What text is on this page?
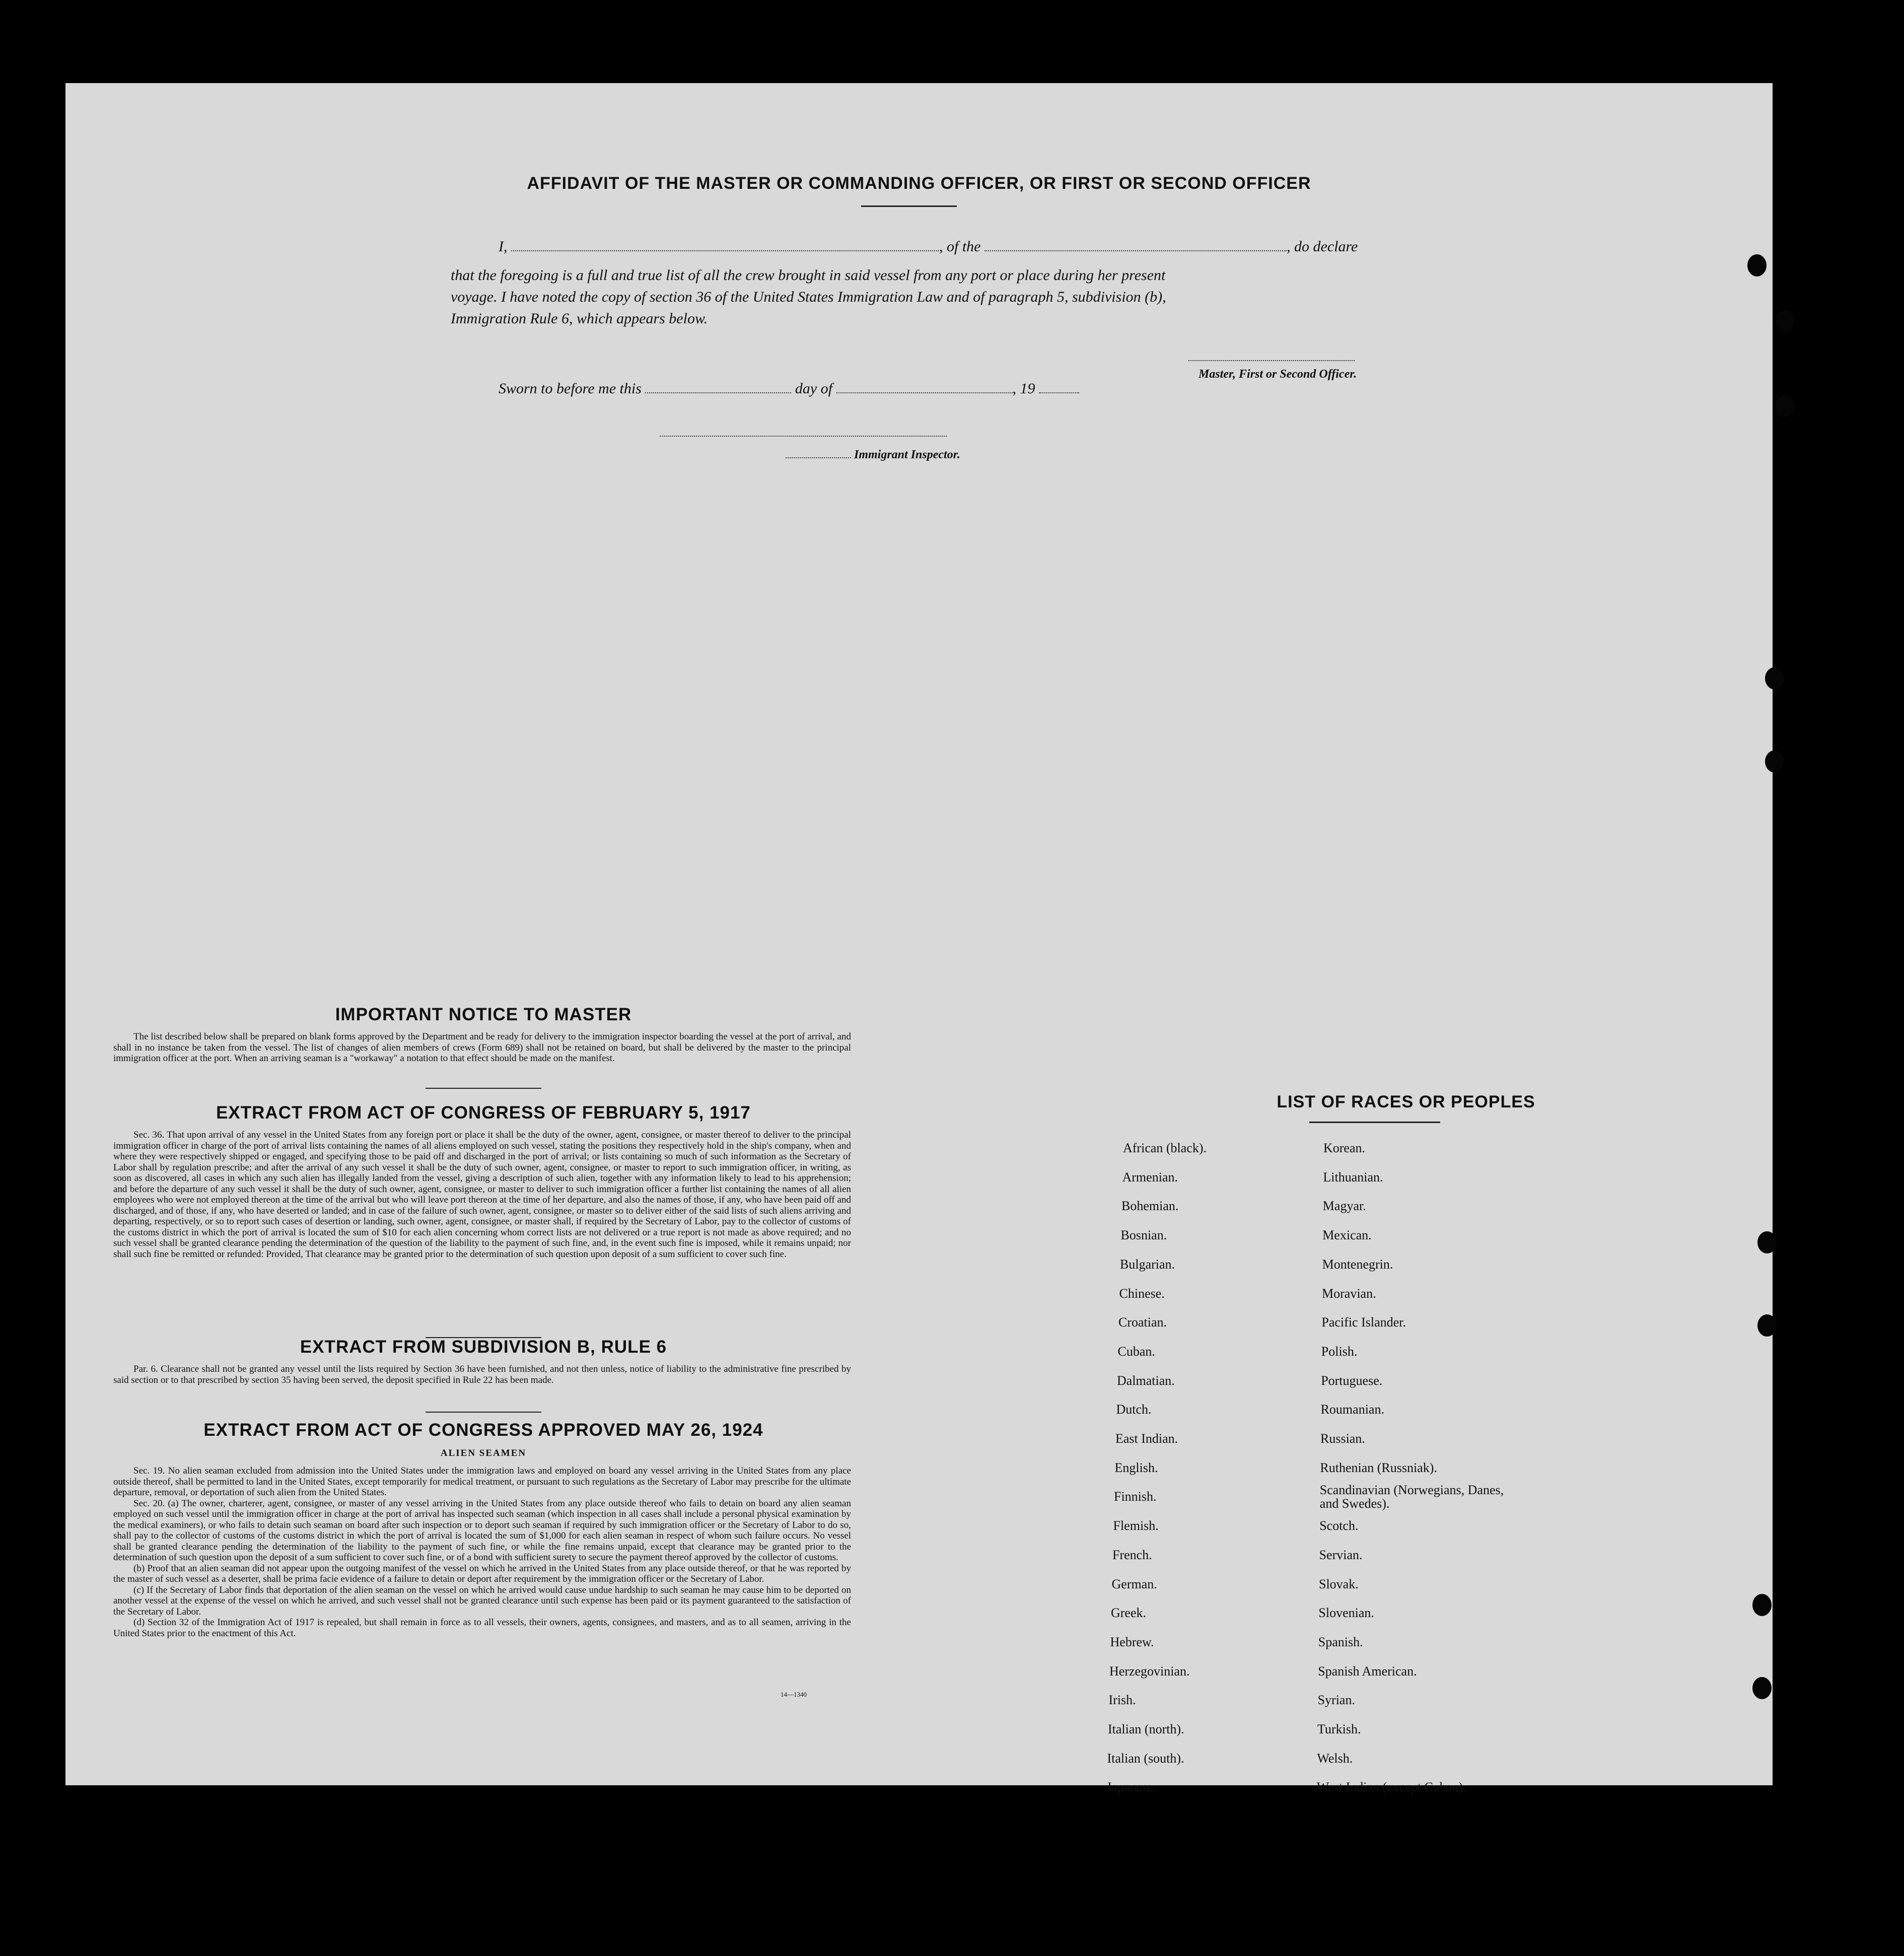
AFFIDAVIT OF THE MASTER OR COMMANDING OFFICER, OR FIRST OR SECOND OFFICER
I,	, of the	, do declare
that the foregoing is a full and true list of all the crew brought in said vessel from any port or place during her present
voyage. I have noted the copy of section 36 of the United States Immigration Law and of paragraph 5, subdivision (b),
Immigration Rule 6, which appears below.
Master, First or Second Officer.
Sworn to before me this	day of	, 19
Immigrant Inspector.
IMPORTANT NOTICE TO MASTER

The list described below shall be prepared on blank forms approved by the Department and be ready for delivery to the immigration inspector boarding the vessel at the port of arrival, and shall in no instance be taken from the vessel. The list of changes of alien members of crews (Form 689) shall not be retained on board, but shall be delivered by the master to the principal immigration officer at the port. When an arriving seaman is a "workaway" a notation to that effect should be made on the manifest.

EXTRACT FROM ACT OF CONGRESS OF FEBRUARY 5, 1917

Sec. 36. That upon arrival of any vessel in the United States from any foreign port or place it shall be the duty of the owner, agent, consignee, or master thereof to deliver to the principal immigration officer in charge of the port of arrival lists containing the names of all aliens employed on such vessel, stating the positions they respectively hold in the ship's company, when and where they were respectively shipped or engaged, and specifying those to be paid off and discharged in the port of arrival; or lists containing so much of such information as the Secretary of Labor shall by regulation prescribe; and after the arrival of any such vessel it shall be the duty of such owner, agent, consignee, or master to report to such immigration officer, in writing, as soon as discovered, all cases in which any such alien has illegally landed from the vessel, giving a description of such alien, together with any information likely to lead to his apprehension; and before the departure of any such vessel it shall be the duty of such owner, agent, consignee, or master to deliver to such immigration officer a further list containing the names of all alien employees who were not employed thereon at the time of the arrival but who will leave port thereon at the time of her departure, and also the names of those, if any, who have been paid off and discharged, and of those, if any, who have deserted or landed; and in case of the failure of such owner, agent, consignee, or master so to deliver either of the said lists of such aliens arriving and departing, respectively, or so to report such cases of desertion or landing, such owner, agent, consignee, or master shall, if required by the Secretary of Labor, pay to the collector of customs of the customs district in which the port of arrival is located the sum of $10 for each alien concerning whom correct lists are not delivered or a true report is not made as above required; and no such vessel shall be granted clearance pending the determination of the question of the liability to the payment of such fine, and, in the event such fine is imposed, while it remains unpaid; nor shall such fine be remitted or refunded: Provided, That clearance may be granted prior to the determination of such question upon deposit of a sum sufficient to cover such fine.

EXTRACT FROM SUBDIVISION B, RULE 6

Par. 6. Clearance shall not be granted any vessel until the lists required by Section 36 have been furnished, and not then unless, notice of liability to the administrative fine prescribed by said section or to that prescribed by section 35 having been served, the deposit specified in Rule 22 has been made.

EXTRACT FROM ACT OF CONGRESS APPROVED MAY 26, 1924
ALIEN SEAMEN

Sec. 19. No alien seaman excluded from admission into the United States under the immigration laws and employed on board any vessel arriving in the United States from any place outside thereof, shall be permitted to land in the United States, except temporarily for medical treatment, or pursuant to such regulations as the Secretary of Labor may prescribe for the ultimate departure, removal, or deportation of such alien from the United States.

Sec. 20. (a) The owner, charterer, agent, consignee, or master of any vessel arriving in the United States from any place outside thereof who fails to detain on board any alien seaman employed on such vessel until the immigration officer in charge at the port of arrival has inspected such seaman (which inspection in all cases shall include a personal physical examination by the medical examiners), or who fails to detain such seaman on board after such inspection or to deport such seaman if required by such immigration officer or the Secretary of Labor to do so, shall pay to the collector of customs of the customs district in which the port of arrival is located the sum of $1,000 for each alien seaman in respect of whom such failure occurs. No vessel shall be granted clearance pending the determination of the liability to the payment of such fine, or while the fine remains unpaid, except that clearance may be granted prior to the determination of such question upon the deposit of a sum sufficient to cover such fine, or of a bond with sufficient surety to secure the payment thereof approved by the collector of customs.

(b) Proof that an alien seaman did not appear upon the outgoing manifest of the vessel on which he arrived in the United States from any place outside thereof, or that he was reported by the master of such vessel as a deserter, shall be prima facie evidence of a failure to detain or deport after requirement by the immigration officer or the Secretary of Labor.

(c) If the Secretary of Labor finds that deportation of the alien seaman on the vessel on which he arrived would cause undue hardship to such seaman he may cause him to be deported on another vessel at the expense of the vessel on which he arrived, and such vessel shall not be granted clearance until such expense has been paid or its payment guaranteed to the satisfaction of the Secretary of Labor.

(d) Section 32 of the Immigration Act of 1917 is repealed, but shall remain in force as to all vessels, their owners, agents, consignees, and masters, and as to all seamen, arriving in the United States prior to the enactment of this Act.

14—1340
LIST OF RACES OR PEOPLES
African (black).
Armenian.
Bohemian.
Bosnian.
Bulgarian.
Chinese.
Croatian.
Cuban.
Dalmatian.
Dutch.
East Indian.
English.
Finnish.
Flemish.
French.
German.
Greek.
Hebrew.
Herzegovinian.
Irish.
Italian (north).
Italian (south).
Japanese.
Korean.
Lithuanian.
Magyar.
Mexican.
Montenegrin.
Moravian.
Pacific Islander.
Polish.
Portuguese.
Roumanian.
Russian.
Ruthenian (Russniak).
Scandinavian (Norwegians, Danes, and Swedes).
Scotch.
Servian.
Slovak.
Slovenian.
Spanish.
Spanish American.
Syrian.
Turkish.
Welsh.
West Indian (except Cuban).
